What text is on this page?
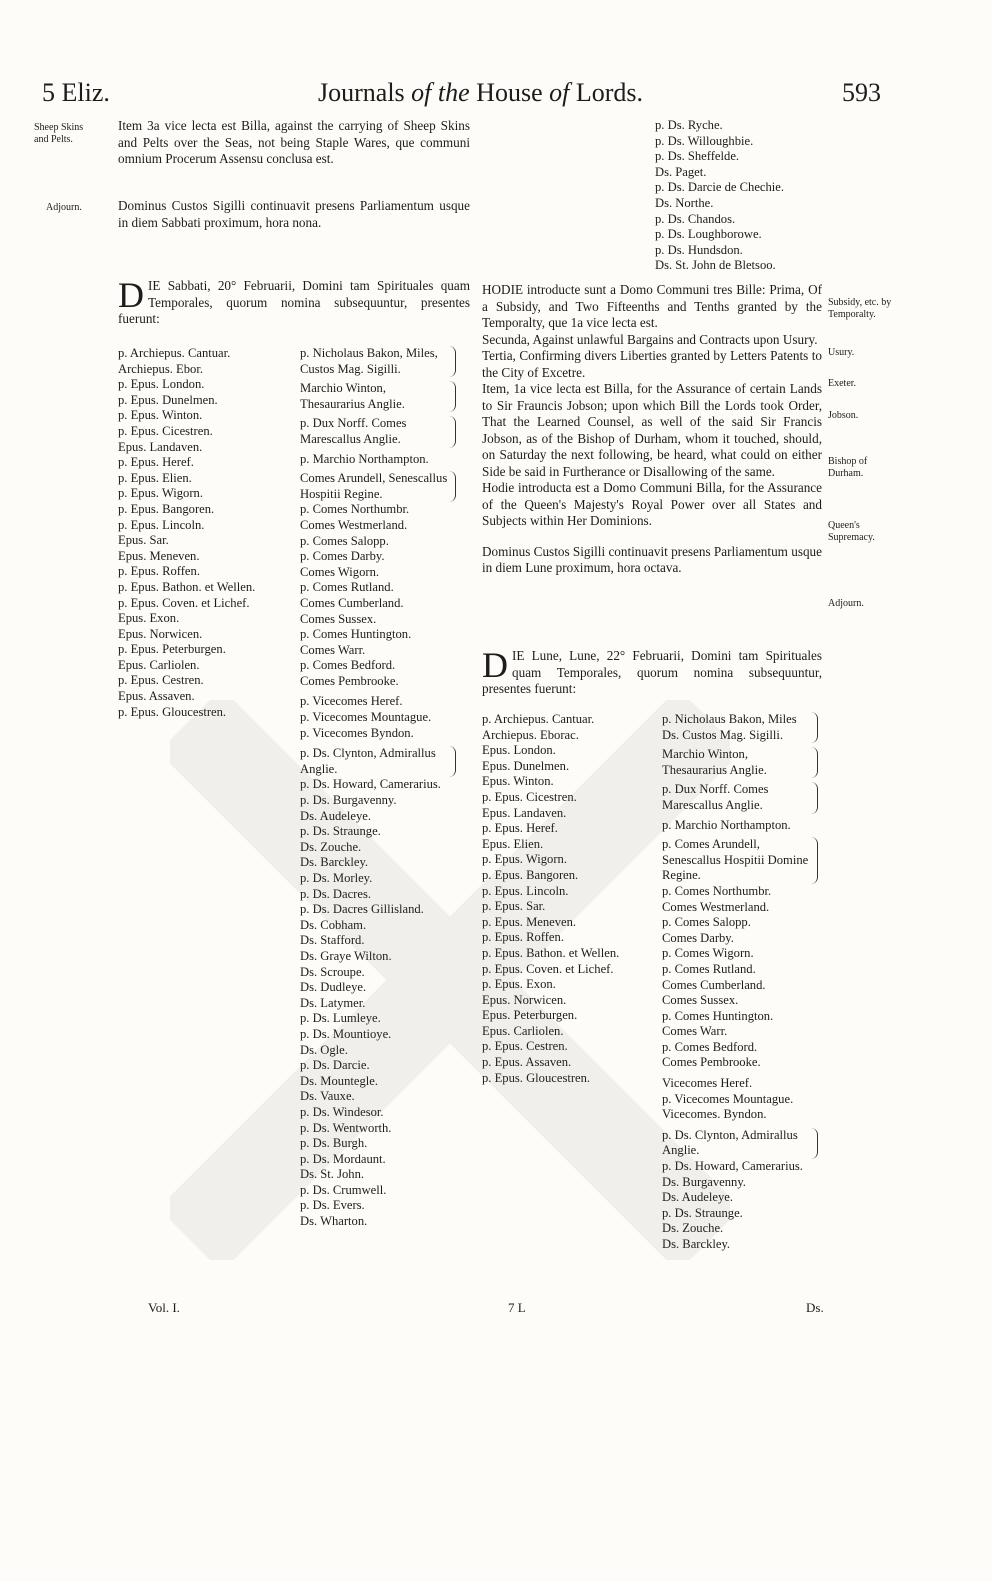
5 Eliz.	Journals of the House of Lords.	593
Sheep Skins and Pelts.
Adjourn.
Item 3a vice lecta est Billa, against the carrying of Sheep Skins and Pelts over the Seas, not being Staple Wares, que communi omnium Procerum Assensu conclusa est.
Dominus Custos Sigilli continuavit presens Parliamentum usque in diem Sabbati proximum, hora nona.
D IE Sabbati, 20° Februarii, Domini tam Spirituales quam Temporales, quorum nomina subsequuntur, presentes fuerunt:
p. Archiepus. Cantuar.
Archiepus. Ebor.
p. Epus. London.
p. Epus. Dunelmen.
p. Epus. Winton.
p. Epus. Cicestren.
Epus. Landaven.
p. Epus. Heref.
p. Epus. Elien.
p. Epus. Wigorn.
p. Epus. Bangoren.
p. Epus. Lincoln.
Epus. Sar.
Epus. Meneven.
p. Epus. Roffen.
p. Epus. Bathon. et Wellen.
p. Epus. Coven. et Lichef.
Epus. Exon.
Epus. Norwicen.
p. Epus. Peterburgen.
Epus. Carliolen.
p. Epus. Cestren.
Epus. Assaven.
p. Epus. Gloucestren.
p. Nicholaus Bakon, Miles, Custos Mag. Sigilli.
Marchio Winton, Thesaurarius Anglie.
p. Dux Norff. Comes Marescallus Anglie.
p. Marchio Northampton.
Comes Arundell, Senescallus Hospitii Regine.
p. Comes Northumbr.
Comes Westmerland.
p. Comes Salopp.
p. Comes Darby.
Comes Wigorn.
p. Comes Rutland.
Comes Cumberland.
Comes Sussex.
p. Comes Huntington.
Comes Warr.
p. Comes Bedford.
Comes Pembrooke.
p. Vicecomes Heref.
p. Vicecomes Mountague.
p. Vicecomes Byndon.
p. Ds. Clynton, Admirallus Anglie.
p. Ds. Howard, Camerarius.
p. Ds. Burgavenny.
Ds. Audeleye.
p. Ds. Straunge.
Ds. Zouche.
Ds. Barckley.
p. Ds. Morley.
p. Ds. Dacres.
p. Ds. Dacres Gillisland.
Ds. Cobham.
Ds. Stafford.
Ds. Graye Wilton.
Ds. Scroupe.
Ds. Dudleye.
Ds. Latymer.
p. Ds. Lumleye.
p. Ds. Mountioye.
Ds. Ogle.
p. Ds. Darcie.
Ds. Mountegle.
Ds. Vauxe.
p. Ds. Windesor.
p. Ds. Wentworth.
p. Ds. Burgh.
p. Ds. Mordaunt.
Ds. St. John.
p. Ds. Crumwell.
p. Ds. Evers.
Ds. Wharton.
p. Ds. Ryche.
p. Ds. Willoughbie.
p. Ds. Sheffelde.
Ds. Paget.
p. Ds. Darcie de Chechie.
Ds. Northe.
p. Ds. Chandos.
p. Ds. Loughborowe.
p. Ds. Hundsdon.
Ds. St. John de Bletsoo.
HODIE introducte sunt a Domo Communi tres Bille: Prima, Of a Subsidy, and Two Fifteenths and Tenths granted by the Temporalty, que 1a vice lecta est.
Secunda, Against unlawful Bargains and Contracts upon Usury.
Tertia, Confirming divers Liberties granted by Letters Patents to the City of Excetre.
Item, 1a vice lecta est Billa, for the Assurance of certain Lands to Sir Frauncis Jobson; upon which Bill the Lords took Order, That the Learned Counsel, as well of the said Sir Francis Jobson, as of the Bishop of Durham, whom it touched, should, on Saturday the next following, be heard, what could on either Side be said in Furtherance or Disallowing of the same.
Hodie introducta est a Domo Communi Billa, for the Assurance of the Queen's Majesty's Royal Power over all States and Subjects within Her Dominions.
Dominus Custos Sigilli continuavit presens Parliamentum usque in diem Lune proximum, hora octava.
Subsidy, etc. by Temporalty.
Usury.
Exeter.
Jobson.
Bishop of Durham.
Queen's Supremacy.
Adjourn.
D IE Lune, Lune, 22° Februarii, Domini tam Spirituales quam Temporales, quorum nomina subsequuntur, presentes fuerunt:
p. Archiepus. Cantuar.
Archiepus. Eborac.
Epus. London.
Epus. Dunelmen.
Epus. Winton.
p. Epus. Cicestren.
Epus. Landaven.
p. Epus. Heref.
Epus. Elien.
p. Epus. Wigorn.
p. Epus. Bangoren.
p. Epus. Lincoln.
p. Epus. Sar.
p. Epus. Meneven.
p. Epus. Roffen.
p. Epus. Bathon. et Wellen.
p. Epus. Coven. et Lichef.
p. Epus. Exon.
Epus. Norwicen.
Epus. Peterburgen.
Epus. Carliolen.
p. Epus. Cestren.
p. Epus. Assaven.
p. Epus. Gloucestren.
p. Nicholaus Bakon, Miles Ds. Custos Mag. Sigilli.
Marchio Winton, Thesaurarius Anglie.
p. Dux Norff. Comes Marescallus Anglie.
p. Marchio Northampton.
p. Comes Arundell, Senescallus Hospitii Domine Regine.
p. Comes Northumbr.
Comes Westmerland.
p. Comes Salopp.
Comes Darby.
p. Comes Wigorn.
p. Comes Rutland.
Comes Cumberland.
Comes Sussex.
p. Comes Huntington.
Comes Warr.
p. Comes Bedford.
Comes Pembrooke.
Vicecomes Heref.
p. Vicecomes Mountague.
Vicecomes. Byndon.
p. Ds. Clynton, Admirallus Anglie.
p. Ds. Howard, Camerarius.
Ds. Burgavenny.
Ds. Audeleye.
p. Ds. Straunge.
Ds. Zouche.
Ds. Barckley.
Vol. I.	7 L	Ds.
